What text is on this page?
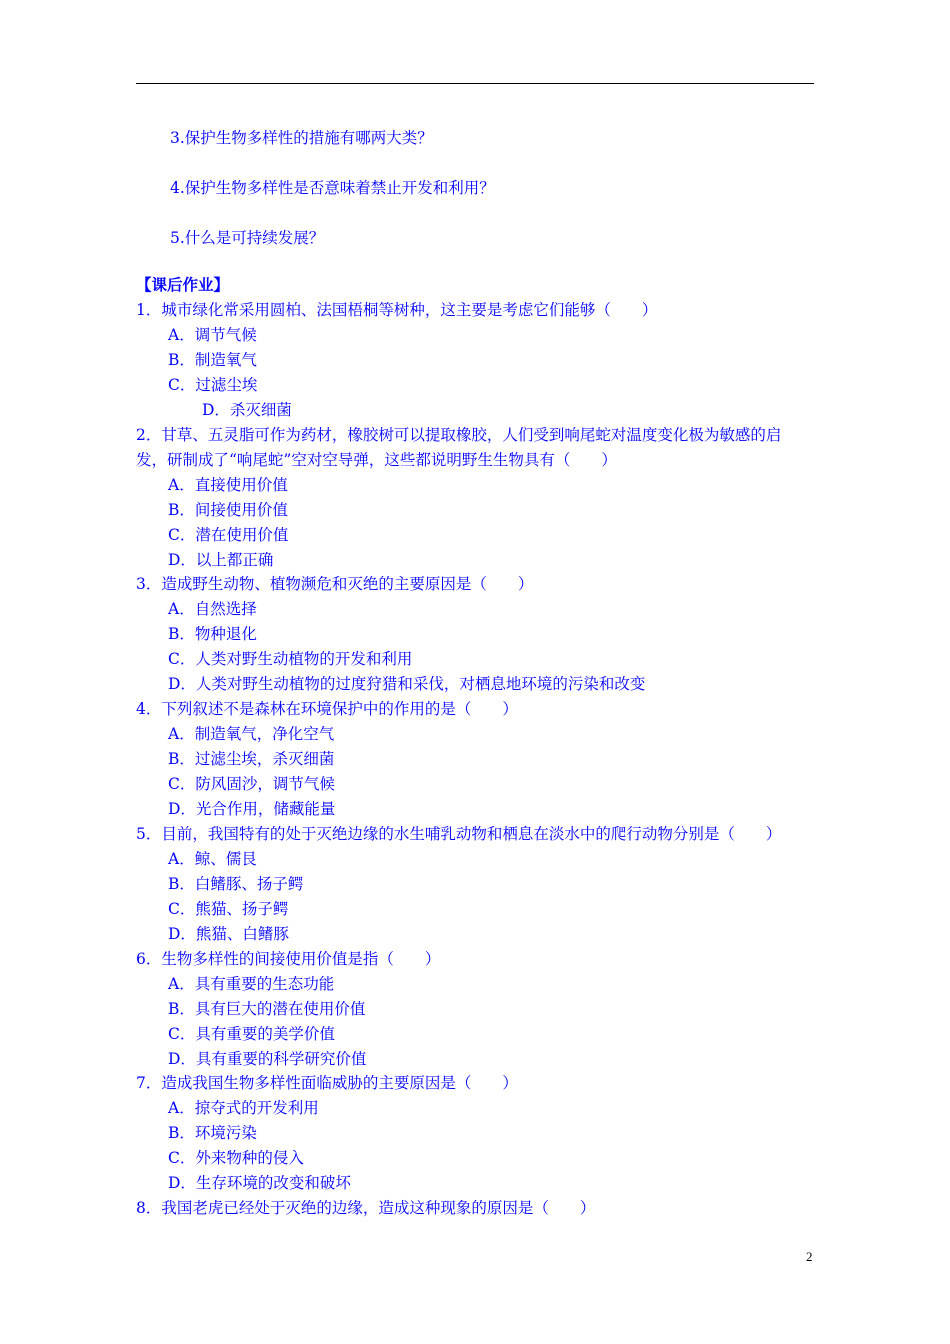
3.保护生物多样性的措施有哪两大类？
4.保护生物多样性是否意味着禁止开发和利用？
5.什么是可持续发展？
【课后作业】
1．城市绿化常采用圆柏、法国梧桐等树种，这主要是考虑它们能够（　　）
A．调节气候
B．制造氧气
C．过滤尘埃
D．杀灭细菌
2．甘草、五灵脂可作为药材，橡胶树可以提取橡胶，人们受到响尾蛇对温度变化极为敏感的启
发，研制成了“响尾蛇”空对空导弹，这些都说明野生生物具有（　　）
A．直接使用价值
B．间接使用价值
C．潜在使用价值
D．以上都正确
3．造成野生动物、植物濒危和灭绝的主要原因是（　　）
A．自然选择
B．物种退化
C．人类对野生动植物的开发和利用
D．人类对野生动植物的过度狩猎和采伐，对栖息地环境的污染和改变
4．下列叙述不是森林在环境保护中的作用的是（　　）
A．制造氧气，净化空气
B．过滤尘埃，杀灭细菌
C．防风固沙，调节气候
D．光合作用，储藏能量
5．目前，我国特有的处于灭绝边缘的水生哺乳动物和栖息在淡水中的爬行动物分别是（　　）
A．鲸、儒艮
B．白鳍豚、扬子鳄
C．熊猫、扬子鳄
D．熊猫、白鳍豚
6．生物多样性的间接使用价值是指（　　）
A．具有重要的生态功能
B．具有巨大的潜在使用价值
C．具有重要的美学价值
D．具有重要的科学研究价值
7．造成我国生物多样性面临威胁的主要原因是（　　）
A．掠夺式的开发利用
B．环境污染
C．外来物种的侵入
D．生存环境的改变和破坏
8．我国老虎已经处于灭绝的边缘，造成这种现象的原因是（　　）
2
